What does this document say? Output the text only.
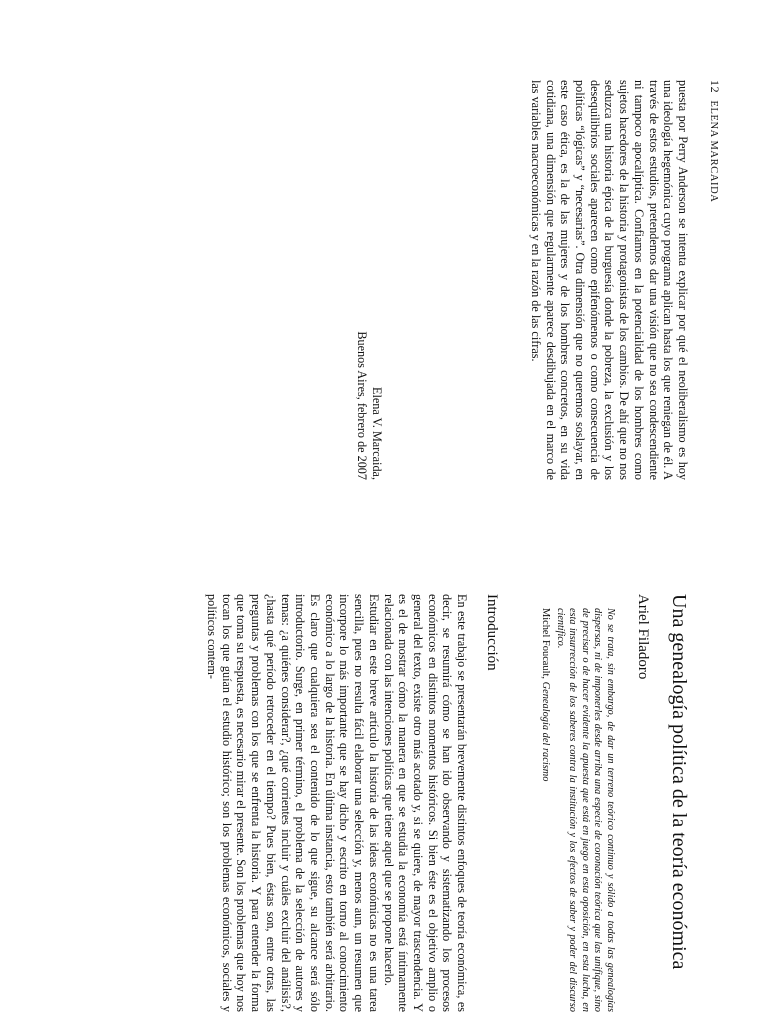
12 ELENA MARCAIDA

puesta por Perry Anderson se intenta explicar por qué el neoliberalismo es hoy una ideología hegemónica cuyo programa aplican hasta los que reniegan de él. A través de estos estudios, pretendemos dar una visión que no sea condescendiente ni tampoco apocalíptica. Confiamos en la potencialidad de los hombres como sujetos hacedores de la historia y protagonistas de los cambios. De ahí que no nos seduzca una historia épica de la burguesía donde la pobreza, la exclusión y los desequilibrios sociales aparecen como epifenómenos o como consecuencia de políticas “lógicas” y “necesarias”. Otra dimensión que no queremos soslayar, en este caso ética, es la de las mujeres y de los hombres concretos, en su vida cotidiana, una dimensión que regularmente aparece desdibujada en el marco de las variables macroeconómicas y en la razón de las cifras.

Elena V. Marcaida,
Buenos Aires, febrero de 2007
Una genealogía política de la teoría económica
Ariel Filadoro

No se trata, sin embargo, de dar un terreno teórico continuo y sólido a todas las genealogías dispersas, ni de imponerles desde arriba una especie de coronación teórica que las unifique, sino de precisar o de hacer evidente la apuesta que está en juego en esta oposición, en esta lucha, en esta insurrección de los saberes contra la institución y los efectos de saber y poder del discurso científico.

Michel Foucault, Genealogía del racismo
Introducción

En este trabajo se presentarán brevemente distintos enfoques de teoría económica, es decir, se resumirá cómo se han ido observando y sistematizando los procesos económicos en distintos momentos históricos. Si bien éste es el objetivo amplio o general del texto, existe otro más acotado y, si se quiere, de mayor trascendencia. Y es el de mostrar cómo la manera en que se estudia la economía está íntimamente relacionada con las intenciones políticas que tiene aquel que se propone hacerlo.

Estudiar en este breve artículo la historia de las ideas económicas no es una tarea sencilla, pues no resulta fácil elaborar una selección y, menos aun, un resumen que incorpore lo más importante que se hay dicho y escrito en torno al conocimiento económico a lo largo de la historia. En última instancia, esto también será arbitrario. Es claro que cualquiera sea el contenido de lo que sigue, su alcance será sólo introductorio. Surge, en primer término, el problema de la selección de autores y temas: ¿a quiénes considerar?, ¿qué corrientes incluir y cuáles excluir del análisis?, ¿hasta qué período retroceder en el tiempo? Pues bien, éstas son, entre otras, las preguntas y problemas con los que se enfrenta la historia. Y para entender la forma que toma su respuesta, es necesario mirar el presente. Son los problemas que hoy nos tocan los que guían el estudio histórico; son los problemas económicos, sociales y políticos contem-
